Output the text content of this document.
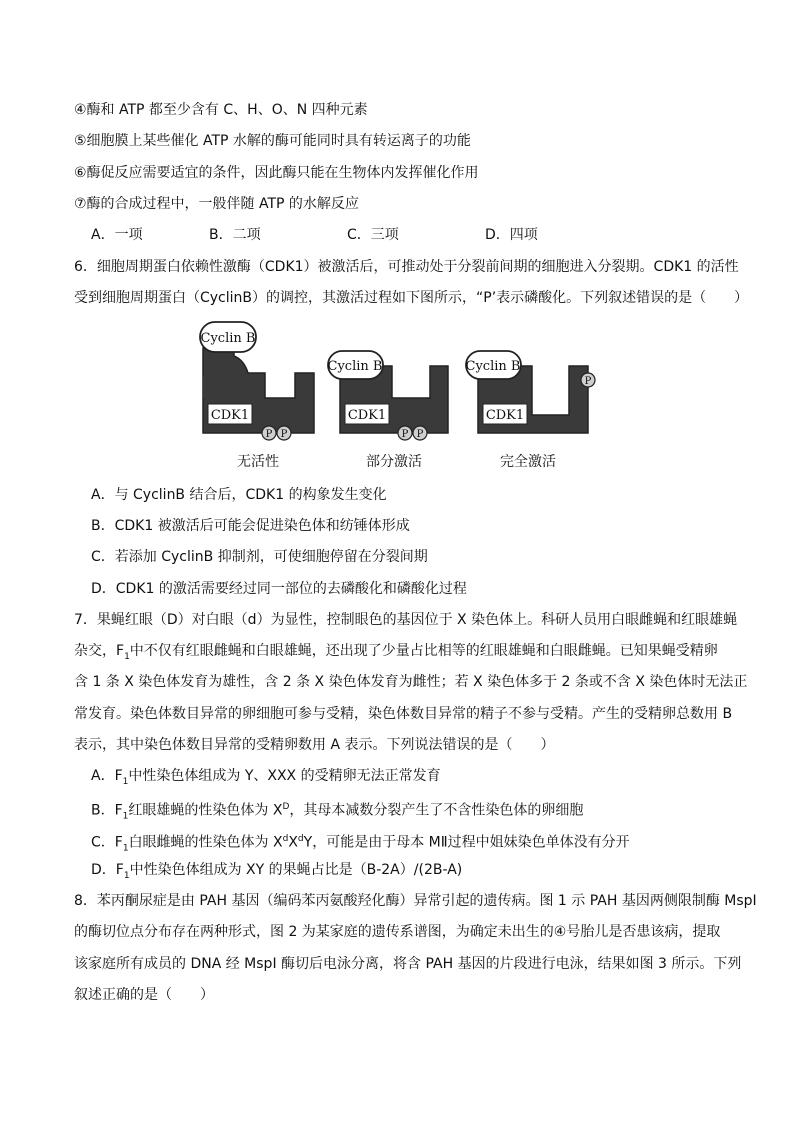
④酶和 ATP 都至少含有 C、H、O、N 四种元素
⑤细胞膜上某些催化 ATP 水解的酶可能同时具有转运离子的功能
⑥酶促反应需要适宜的条件，因此酶只能在生物体内发挥催化作用
⑦酶的合成过程中，一般伴随 ATP 的水解反应
A．一项	B．二项	C．三项	D．四项
6．细胞周期蛋白依赖性激酶（CDK1）被激活后，可推动处于分裂前间期的细胞进入分裂期。CDK1 的活性
受到细胞周期蛋白（CyclinB）的调控，其激活过程如下图所示，“P’表示磷酸化。下列叙述错误的是（　　）
Cyclin B
CDK1
P P
无活性
Cyclin B
CDK1
P P
部分激活
Cyclin B
CDK1
P
完全激活
A．与 CyclinB 结合后，CDK1 的构象发生变化
B．CDK1 被激活后可能会促进染色体和纺锤体形成
C．若添加 CyclinB 抑制剂，可使细胞停留在分裂间期
D．CDK1 的激活需要经过同一部位的去磷酸化和磷酸化过程
7．果蝇红眼（D）对白眼（d）为显性，控制眼色的基因位于 X 染色体上。科研人员用白眼雌蝇和红眼雄蝇
杂交，$F_1$中不仅有红眼雌蝇和白眼雄蝇，还出现了少量占比相等的红眼雄蝇和白眼雌蝇。已知果蝇受精卵
含 1 条 X 染色体发育为雄性，含 2 条 X 染色体发育为雌性；若 X 染色体多于 2 条或不含 X 染色体时无法正
常发育。染色体数目异常的卵细胞可参与受精，染色体数目异常的精子不参与受精。产生的受精卵总数用 B
表示，其中染色体数目异常的受精卵数用 A 表示。下列说法错误的是（　　）
A．$F_1$中性染色体组成为 Y、XXX 的受精卵无法正常发育
B．$F_1$红眼雄蝇的性染色体为 $X^D$，其母本减数分裂产生了不含性染色体的卵细胞
C．$F_1$白眼雌蝇的性染色体为 $X^dX^dY$，可能是由于母本 MⅡ过程中姐妹染色单体没有分开
D．$F_1$中性染色体组成为 XY 的果蝇占比是（B-2A）/(2B-A)
8．苯丙酮尿症是由 PAH 基因（编码苯丙氨酸羟化酶）异常引起的遗传病。图 1 示 PAH 基因两侧限制酶 MspI
的酶切位点分布存在两种形式，图 2 为某家庭的遗传系谱图，为确定未出生的④号胎儿是否患该病，提取
该家庭所有成员的 DNA 经 MspI 酶切后电泳分离，将含 PAH 基因的片段进行电泳，结果如图 3 所示。下列
叙述正确的是（　　）
